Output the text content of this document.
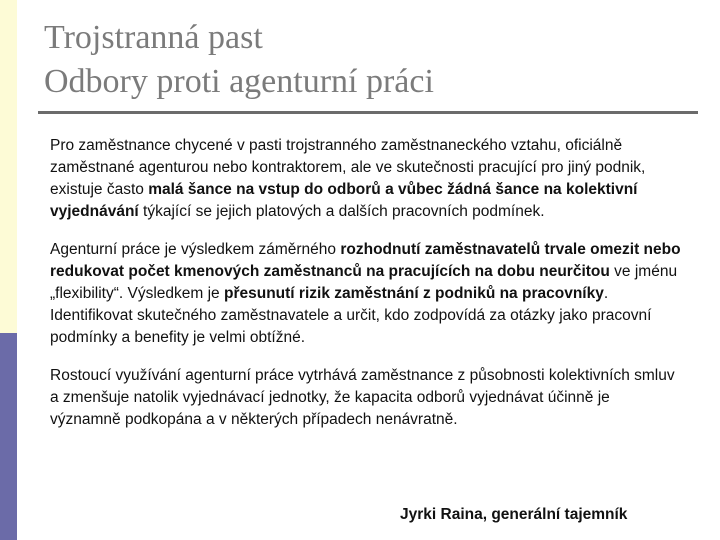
Trojstranná past
Odbory proti agenturní práci

Pro zaměstnance chycené v pasti trojstranného zaměstnaneckého vztahu, oficiálně zaměstnané agenturou nebo kontraktorem, ale ve skutečnosti pracující pro jiný podnik, existuje často malá šance na vstup do odborů a vůbec žádná šance na kolektivní vyjednávání týkající se jejich platových a dalších pracovních podmínek.

Agenturní práce je výsledkem záměrného rozhodnutí zaměstnavatelů trvale omezit nebo redukovat počet kmenových zaměstnanců na pracujících na dobu neurčitou ve jménu „flexibility“. Výsledkem je přesunutí rizik zaměstnání z podniků na pracovníky. Identifikovat skutečného zaměstnavatele a určit, kdo zodpovídá za otázky jako pracovní podmínky a benefity je velmi obtížné.

Rostoucí využívání agenturní práce vytrhává zaměstnance z působnosti kolektivních smluv a zmenšuje natolik vyjednávací jednotky, že kapacita odborů vyjednávat účinně je významně podkopána a v některých případech nenávratně.

Jyrki Raina, generální tajemník
